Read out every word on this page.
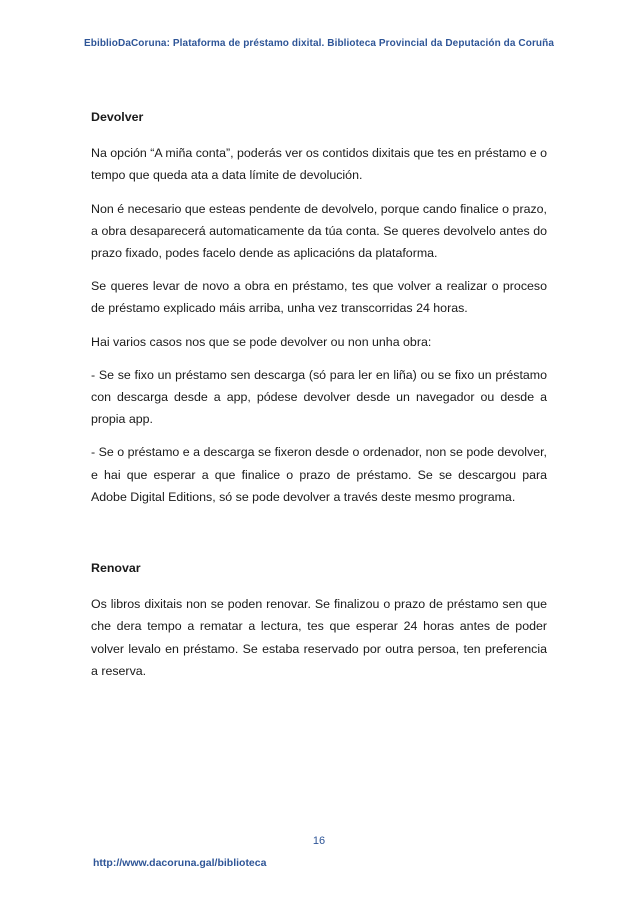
EbiblioDaCoruna: Plataforma de préstamo dixital. Biblioteca Provincial da Deputación da Coruña
Devolver

Na opción “A miña conta”, poderás ver os contidos dixitais que tes en préstamo e o tempo que queda ata a data límite de devolución.

Non é necesario que esteas pendente de devolvelo, porque cando finalice o prazo, a obra desaparecerá automaticamente da túa conta. Se queres devolvelo antes do prazo fixado, podes facelo dende as aplicacións da plataforma.

Se queres levar de novo a obra en préstamo, tes que volver a realizar o proceso de préstamo explicado máis arriba, unha vez transcorridas 24 horas.

Hai varios casos nos que se pode devolver ou non unha obra:

- Se se fixo un préstamo sen descarga (só para ler en liña) ou se fixo un préstamo con descarga desde a app, pódese devolver desde un navegador ou desde a propia app.

- Se o préstamo e a descarga se fixeron desde o ordenador, non se pode devolver, e hai que esperar a que finalice o prazo de préstamo. Se se descargou para Adobe Digital Editions, só se pode devolver a través deste mesmo programa.

Renovar

Os libros dixitais non se poden renovar. Se finalizou o prazo de préstamo sen que che dera tempo a rematar a lectura, tes que esperar 24 horas antes de poder volver levalo en préstamo. Se estaba reservado por outra persoa, ten preferencia a reserva.

16
http://www.dacoruna.gal/biblioteca
